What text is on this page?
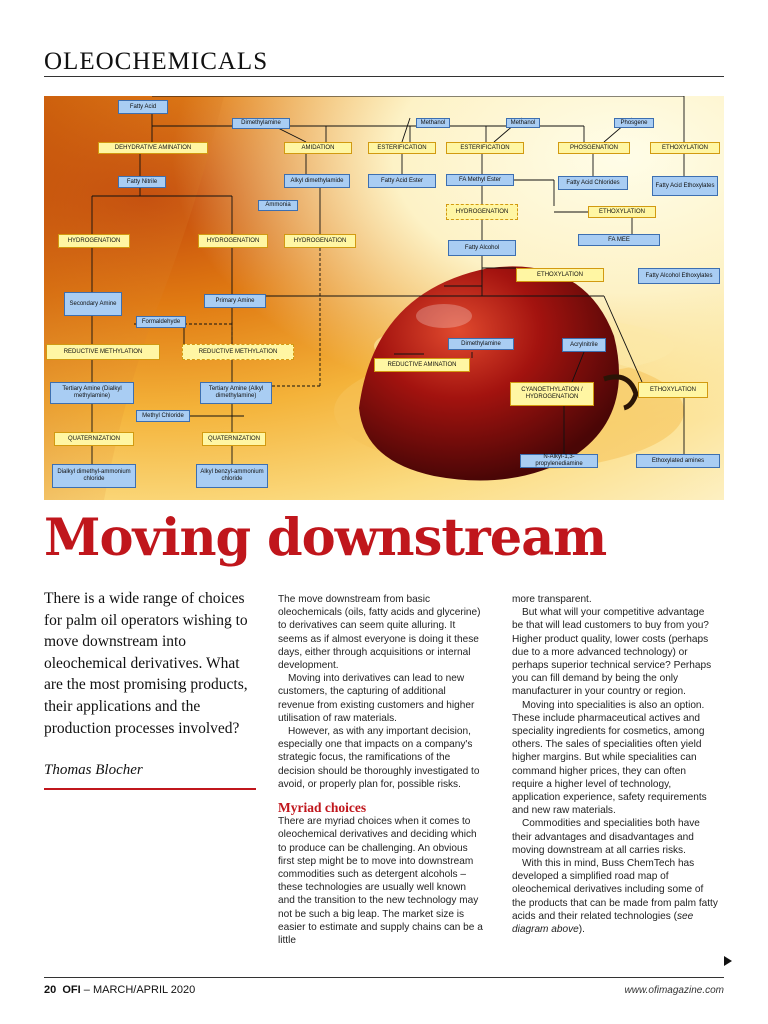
OLEOCHEMICALS
Fatty Acid
Dimethylamine	Methanol	Methanol	Phosgene
DEHYDRATIVE AMINATION	AMIDATION	ESTERIFICATION	ESTERIFICATION	PHOSGENATION	ETHOXYLATION
Fatty Nitrile	Alkyl dimethylamide	Fatty Acid Ester	FA Methyl Ester	Fatty Acid Chlorides	Fatty Acid Ethoxylates
Ammonia
HYDROGENATION	ETHOXYLATION
HYDROGENATION	HYDROGENATION	HYDROGENATION	FA MEE
Fatty Alcohol
ETHOXYLATION	Fatty Alcohol Ethoxylates
Secondary Amine	Primary Amine
Formaldehyde
REDUCTIVE METHYLATION	REDUCTIVE METHYLATION
Dimethylamine	Acrylnitrile
REDUCTIVE AMINATION
Tertiary Amine (Dialkyl methylamine)
Tertiary Amine (Alkyl dimethylamine)
CYANOETHYLATION / HYDROGENATION
ETHOXYLATION
Methyl Chloride
QUATERNIZATION	QUATERNIZATION
Dialkyl dimethyl-ammonium chloride
Alkyl benzyl-ammonium chloride
N-Alkyl-1,3-propylenediamine
Ethoxylated amines
Moving downstream

There is a wide range of choices for palm oil operators wishing to move downstream into oleochemical derivatives. What are the most promising products, their applications and the production processes involved?

Thomas Blocher

The move downstream from basic oleochemicals (oils, fatty acids and glycerine) to derivatives can seem quite alluring. It seems as if almost everyone is doing it these days, either through acquisitions or internal development.

Moving into derivatives can lead to new customers, the capturing of additional revenue from existing customers and higher utilisation of raw materials.

However, as with any important decision, especially one that impacts on a company's strategic focus, the ramifications of the decision should be thoroughly investigated to avoid, or properly plan for, possible risks.

Myriad choices

There are myriad choices when it comes to oleochemical derivatives and deciding which to produce can be challenging. An obvious first step might be to move into downstream commodities such as detergent alcohols – these technologies are usually well known and the transition to the new technology may not be such a big leap. The market size is easier to estimate and supply chains can be a little

more transparent.

But what will your competitive advantage be that will lead customers to buy from you? Higher product quality, lower costs (perhaps due to a more advanced technology) or perhaps superior technical service? Perhaps you can fill demand by being the only manufacturer in your country or region.

Moving into specialities is also an option. These include pharmaceutical actives and speciality ingredients for cosmetics, among others. The sales of specialities often yield higher margins. But while specialities can command higher prices, they can often require a higher level of technology, application experience, safety requirements and new raw materials.

Commodities and specialities both have their advantages and disadvantages and moving downstream at all carries risks.

With this in mind, Buss ChemTech has developed a simplified road map of oleochemical derivatives including some of the products that can be made from palm fatty acids and their related technologies (see diagram above).

20 OFI – MARCH/APRIL 2020	www.ofimagazine.com
